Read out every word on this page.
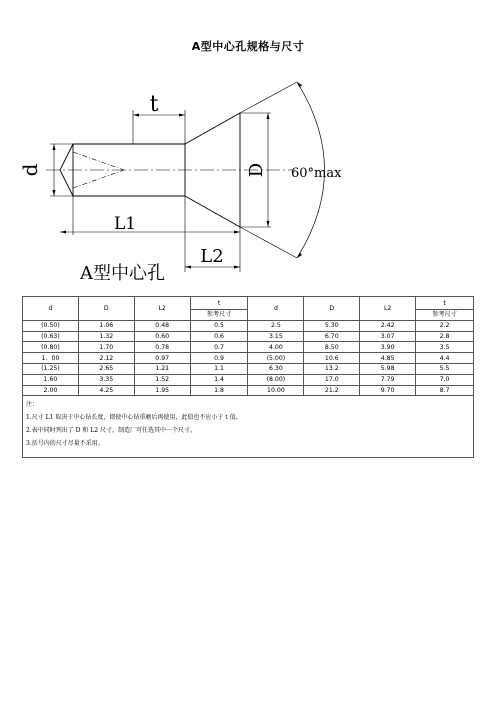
A型中心孔规格与尺寸
t
d	D 60°max
L1
L2
A型中心孔
d	D	L2	t	d	D	L2	t
			参考尺寸				参考尺寸
(0.50)	1.06	0.48	0.5	2.5	5.30	2.42	2.2
(0.63)	1.32	0.60	0.6	3.15	6.70	3.07	2.8
(0.80)	1.70	0.78	0.7	4.00	8.50	3.90	3.5
1．00	2.12	0.97	0.9	(5.00)	10.6	4.85	4.4
(1.25)	2.65	1.21	1.1	6.30	13.2	5.98	5.5
1.60	3.35	1.52	1.4	(8.00)	17.0	7.79	7.0
2.00	4.25	1.95	1.8	10.00	21.2	9.70	8.7

注：
1.尺寸 L1 取决于中心钻长度，即使中心钻重磨后再使用，此值也不应小于 t 值。
2.表中同时列出了 D 和 L2 尺寸，制造厂可任选其中一个尺寸。
3.括号内的尺寸尽量不采用。							
